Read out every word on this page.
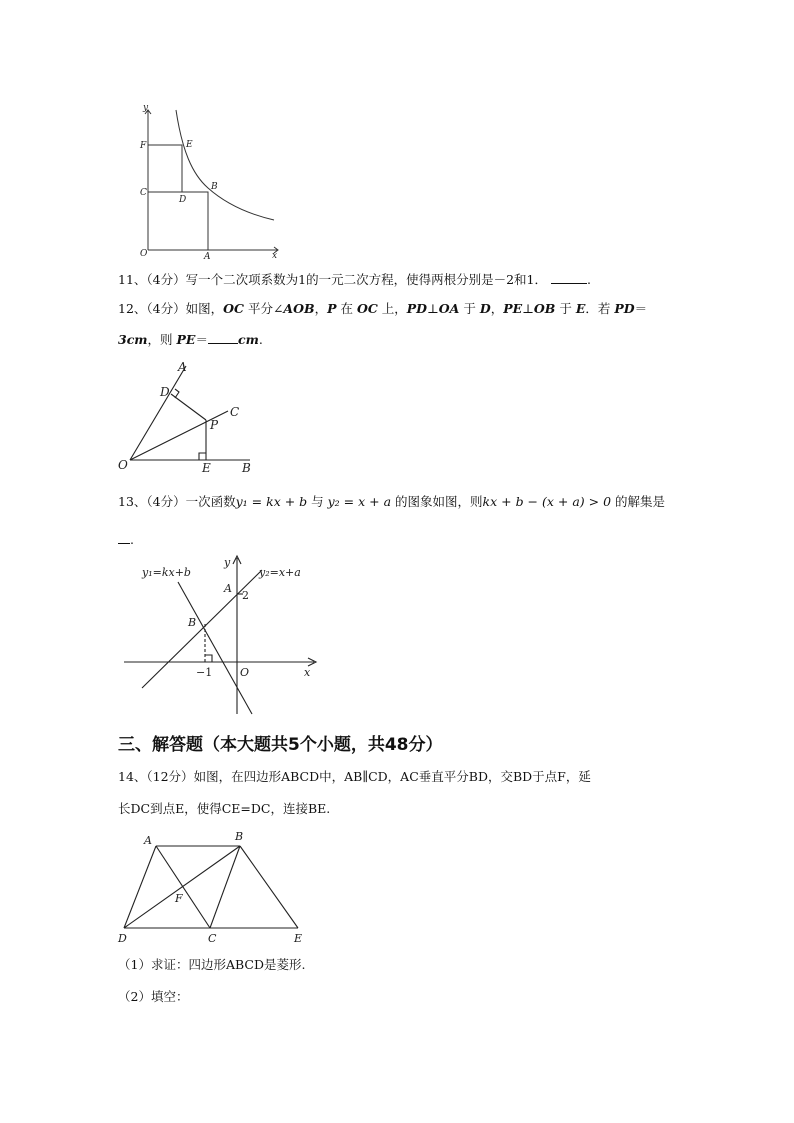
y
F	E
C
D
B
O	A	x
11、（4分）写一个二次项系数为1的一元二次方程，使得两根分别是－2和1．	.
12、（4分）如图，OC 平分∠AOB，P 在 OC 上，PD⊥OA 于 D，PE⊥OB 于 E．若 PD＝
3cm，则 PE＝ cm.
A
D
C
P
O	E	B
13、（4分）一次函数y₁ = kx + b 与 y₂ = x + a 的图象如图，则kx + b − (x + a) > 0 的解集是
.
y₁=kx+b
y
y₂=x+a
A
2
B
−1	O	x
三、解答题（本大题共5个小题，共48分）
14、（12分）如图，在四边形ABCD中，AB∥CD，AC垂直平分BD，交BD于点F，延
长DC到点E，使得CE=DC，连接BE.
A	B
F
D	C	E
（1）求证：四边形ABCD是菱形.
（2）填空：
